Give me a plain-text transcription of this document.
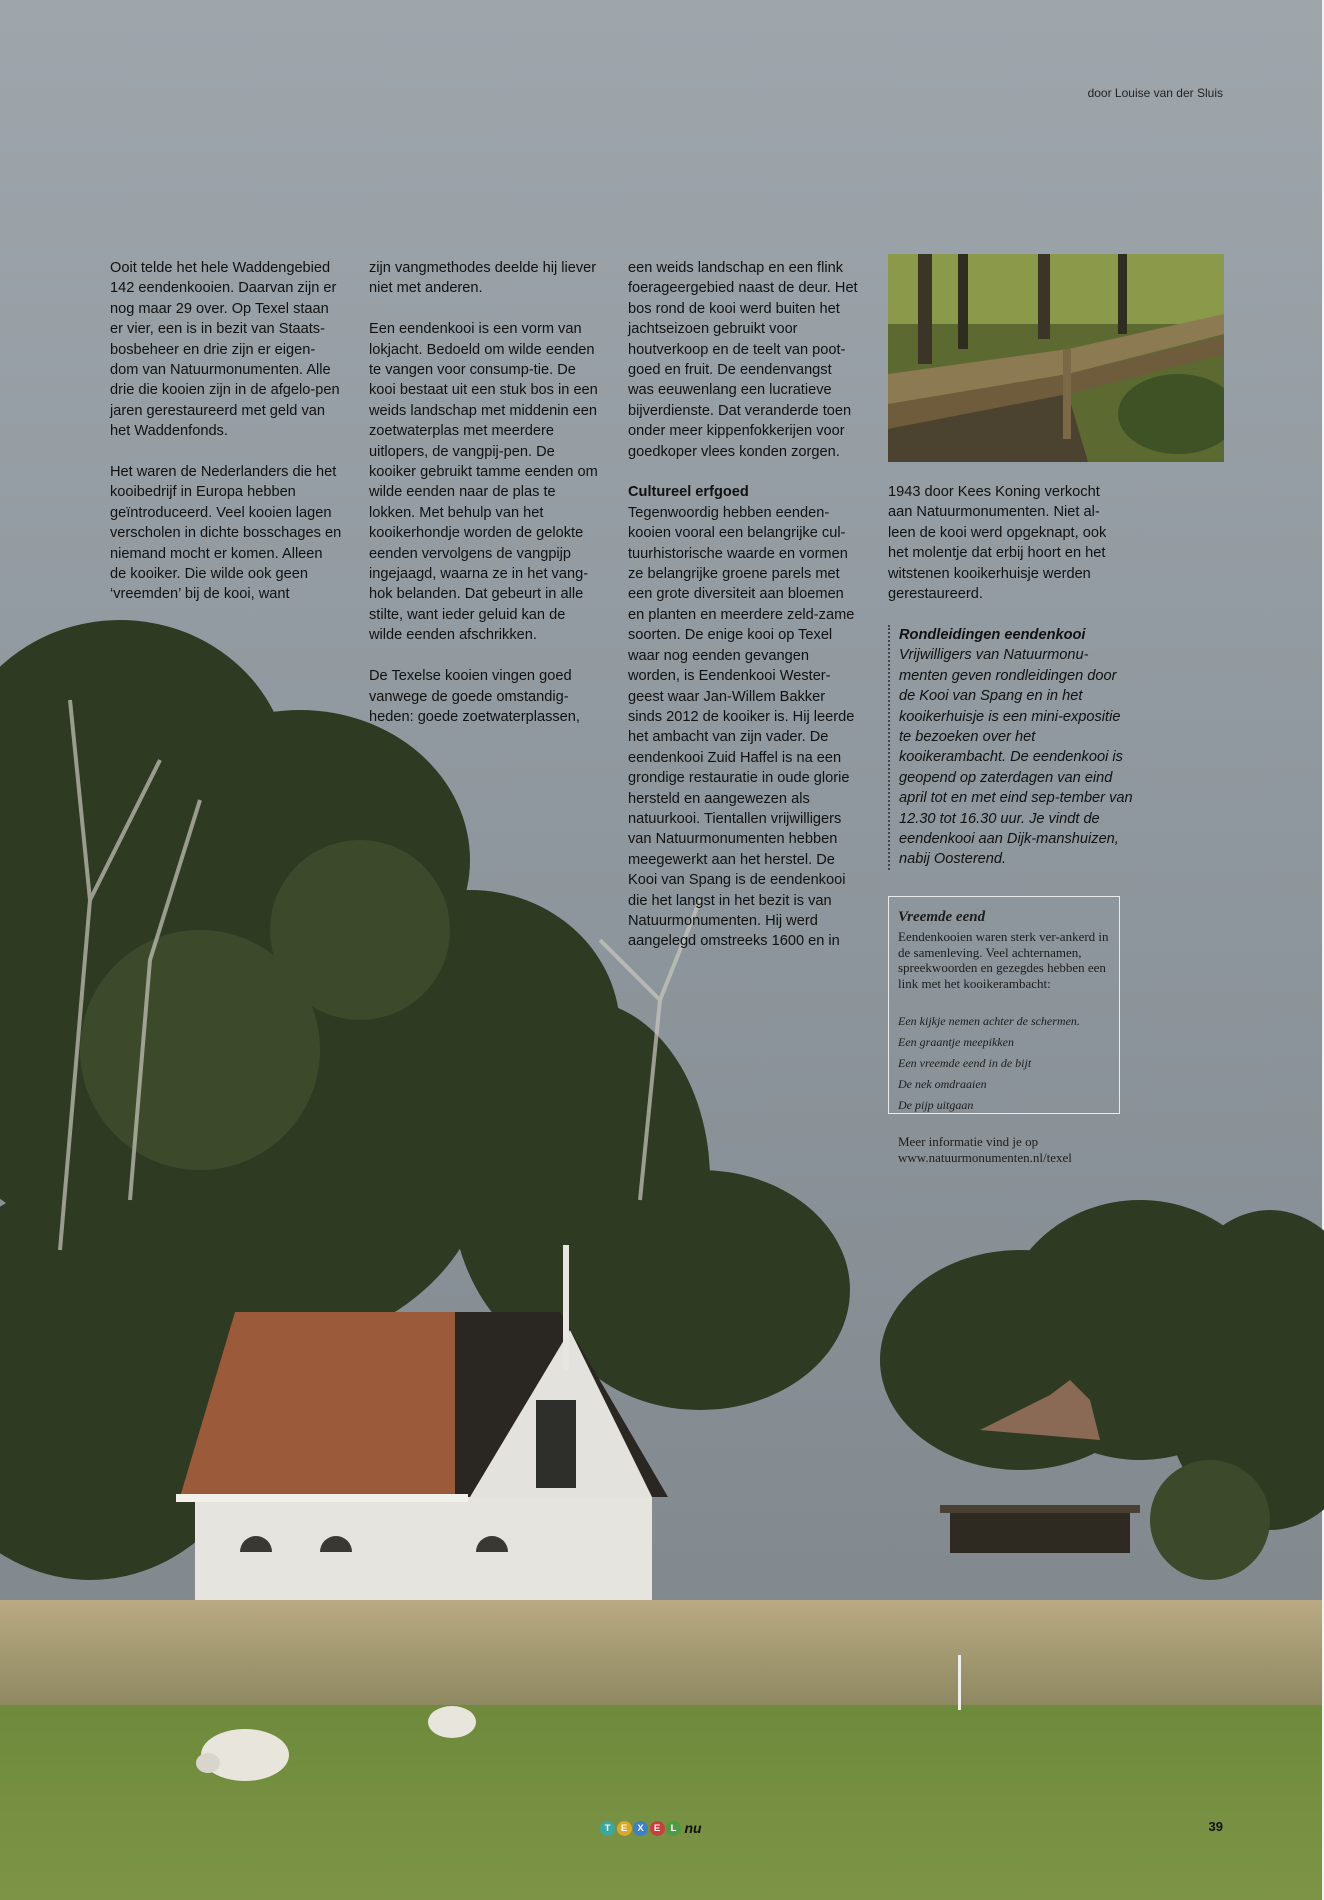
door Louise van der Sluis

Ooit telde het hele Waddengebied 142 eendenkooien. Daarvan zijn er nog maar 29 over. Op Texel staan er vier, een is in bezit van Staats-bosbeheer en drie zijn er eigen-dom van Natuurmonumenten. Alle drie die kooien zijn in de afgelo-pen jaren gerestaureerd met geld van het Waddenfonds.

Het waren de Nederlanders die het kooibedrijf in Europa hebben geïntroduceerd. Veel kooien lagen verscholen in dichte bosschages en niemand mocht er komen. Alleen de kooiker. Die wilde ook geen ‘vreemden’ bij de kooi, want

zijn vangmethodes deelde hij liever niet met anderen.

Een eendenkooi is een vorm van lokjacht. Bedoeld om wilde eenden te vangen voor consump-tie. De kooi bestaat uit een stuk bos in een weids landschap met middenin een zoetwaterplas met meerdere uitlopers, de vangpij-pen. De kooiker gebruikt tamme eenden om wilde eenden naar de plas te lokken. Met behulp van het kooikerhondje worden de gelokte eenden vervolgens de vangpijp ingejaagd, waarna ze in het vang-hok belanden. Dat gebeurt in alle stilte, want ieder geluid kan de wilde eenden afschrikken.

De Texelse kooien vingen goed vanwege de goede omstandig-heden: goede zoetwaterplassen,

een weids landschap en een flink foerageergebied naast de deur. Het bos rond de kooi werd buiten het jachtseizoen gebruikt voor houtverkoop en de teelt van poot-goed en fruit. De eendenvangst was eeuwenlang een lucratieve bijverdienste. Dat veranderde toen onder meer kippenfokkerijen voor goedkoper vlees konden zorgen.

Cultureel erfgoed

Tegenwoordig hebben eenden-kooien vooral een belangrijke cul-tuurhistorische waarde en vormen ze belangrijke groene parels met een grote diversiteit aan bloemen en planten en meerdere zeld-zame soorten. De enige kooi op Texel waar nog eenden gevangen worden, is Eendenkooi Wester-geest waar Jan-Willem Bakker sinds 2012 de kooiker is. Hij leerde het ambacht van zijn vader. De eendenkooi Zuid Haffel is na een grondige restauratie in oude glorie hersteld en aangewezen als natuurkooi. Tientallen vrijwilligers van Natuurmonumenten hebben meegewerkt aan het herstel. De Kooi van Spang is de eendenkooi die het langst in het bezit is van Natuurmonumenten. Hij werd aangelegd omstreeks 1600 en in

1943 door Kees Koning verkocht aan Natuurmonumenten. Niet al-leen de kooi werd opgeknapt, ook het molentje dat erbij hoort en het witstenen kooikerhuisje werden gerestaureerd.

Rondleidingen eendenkooi

Vrijwilligers van Natuurmonu-menten geven rondleidingen door de Kooi van Spang en in het kooikerhuisje is een mini-expositie te bezoeken over het kooikerambacht. De eendenkooi is geopend op zaterdagen van eind april tot en met eind sep-tember van 12.30 tot 16.30 uur. Je vindt de eendenkooi aan Dijk-manshuizen, nabij Oosterend.

Vreemde eend

Eendenkooien waren sterk ver-ankerd in de samenleving. Veel achternamen, spreekwoorden en gezegdes hebben een link met het kooikerambacht:

Een kijkje nemen achter de schermen.
Een graantje meepikken
Een vreemde eend in de bijt
De nek omdraaien
De pijp uitgaan

Meer informatie vind je op www.natuurmonumenten.nl/texel

T	E	X	E	L nu	39
